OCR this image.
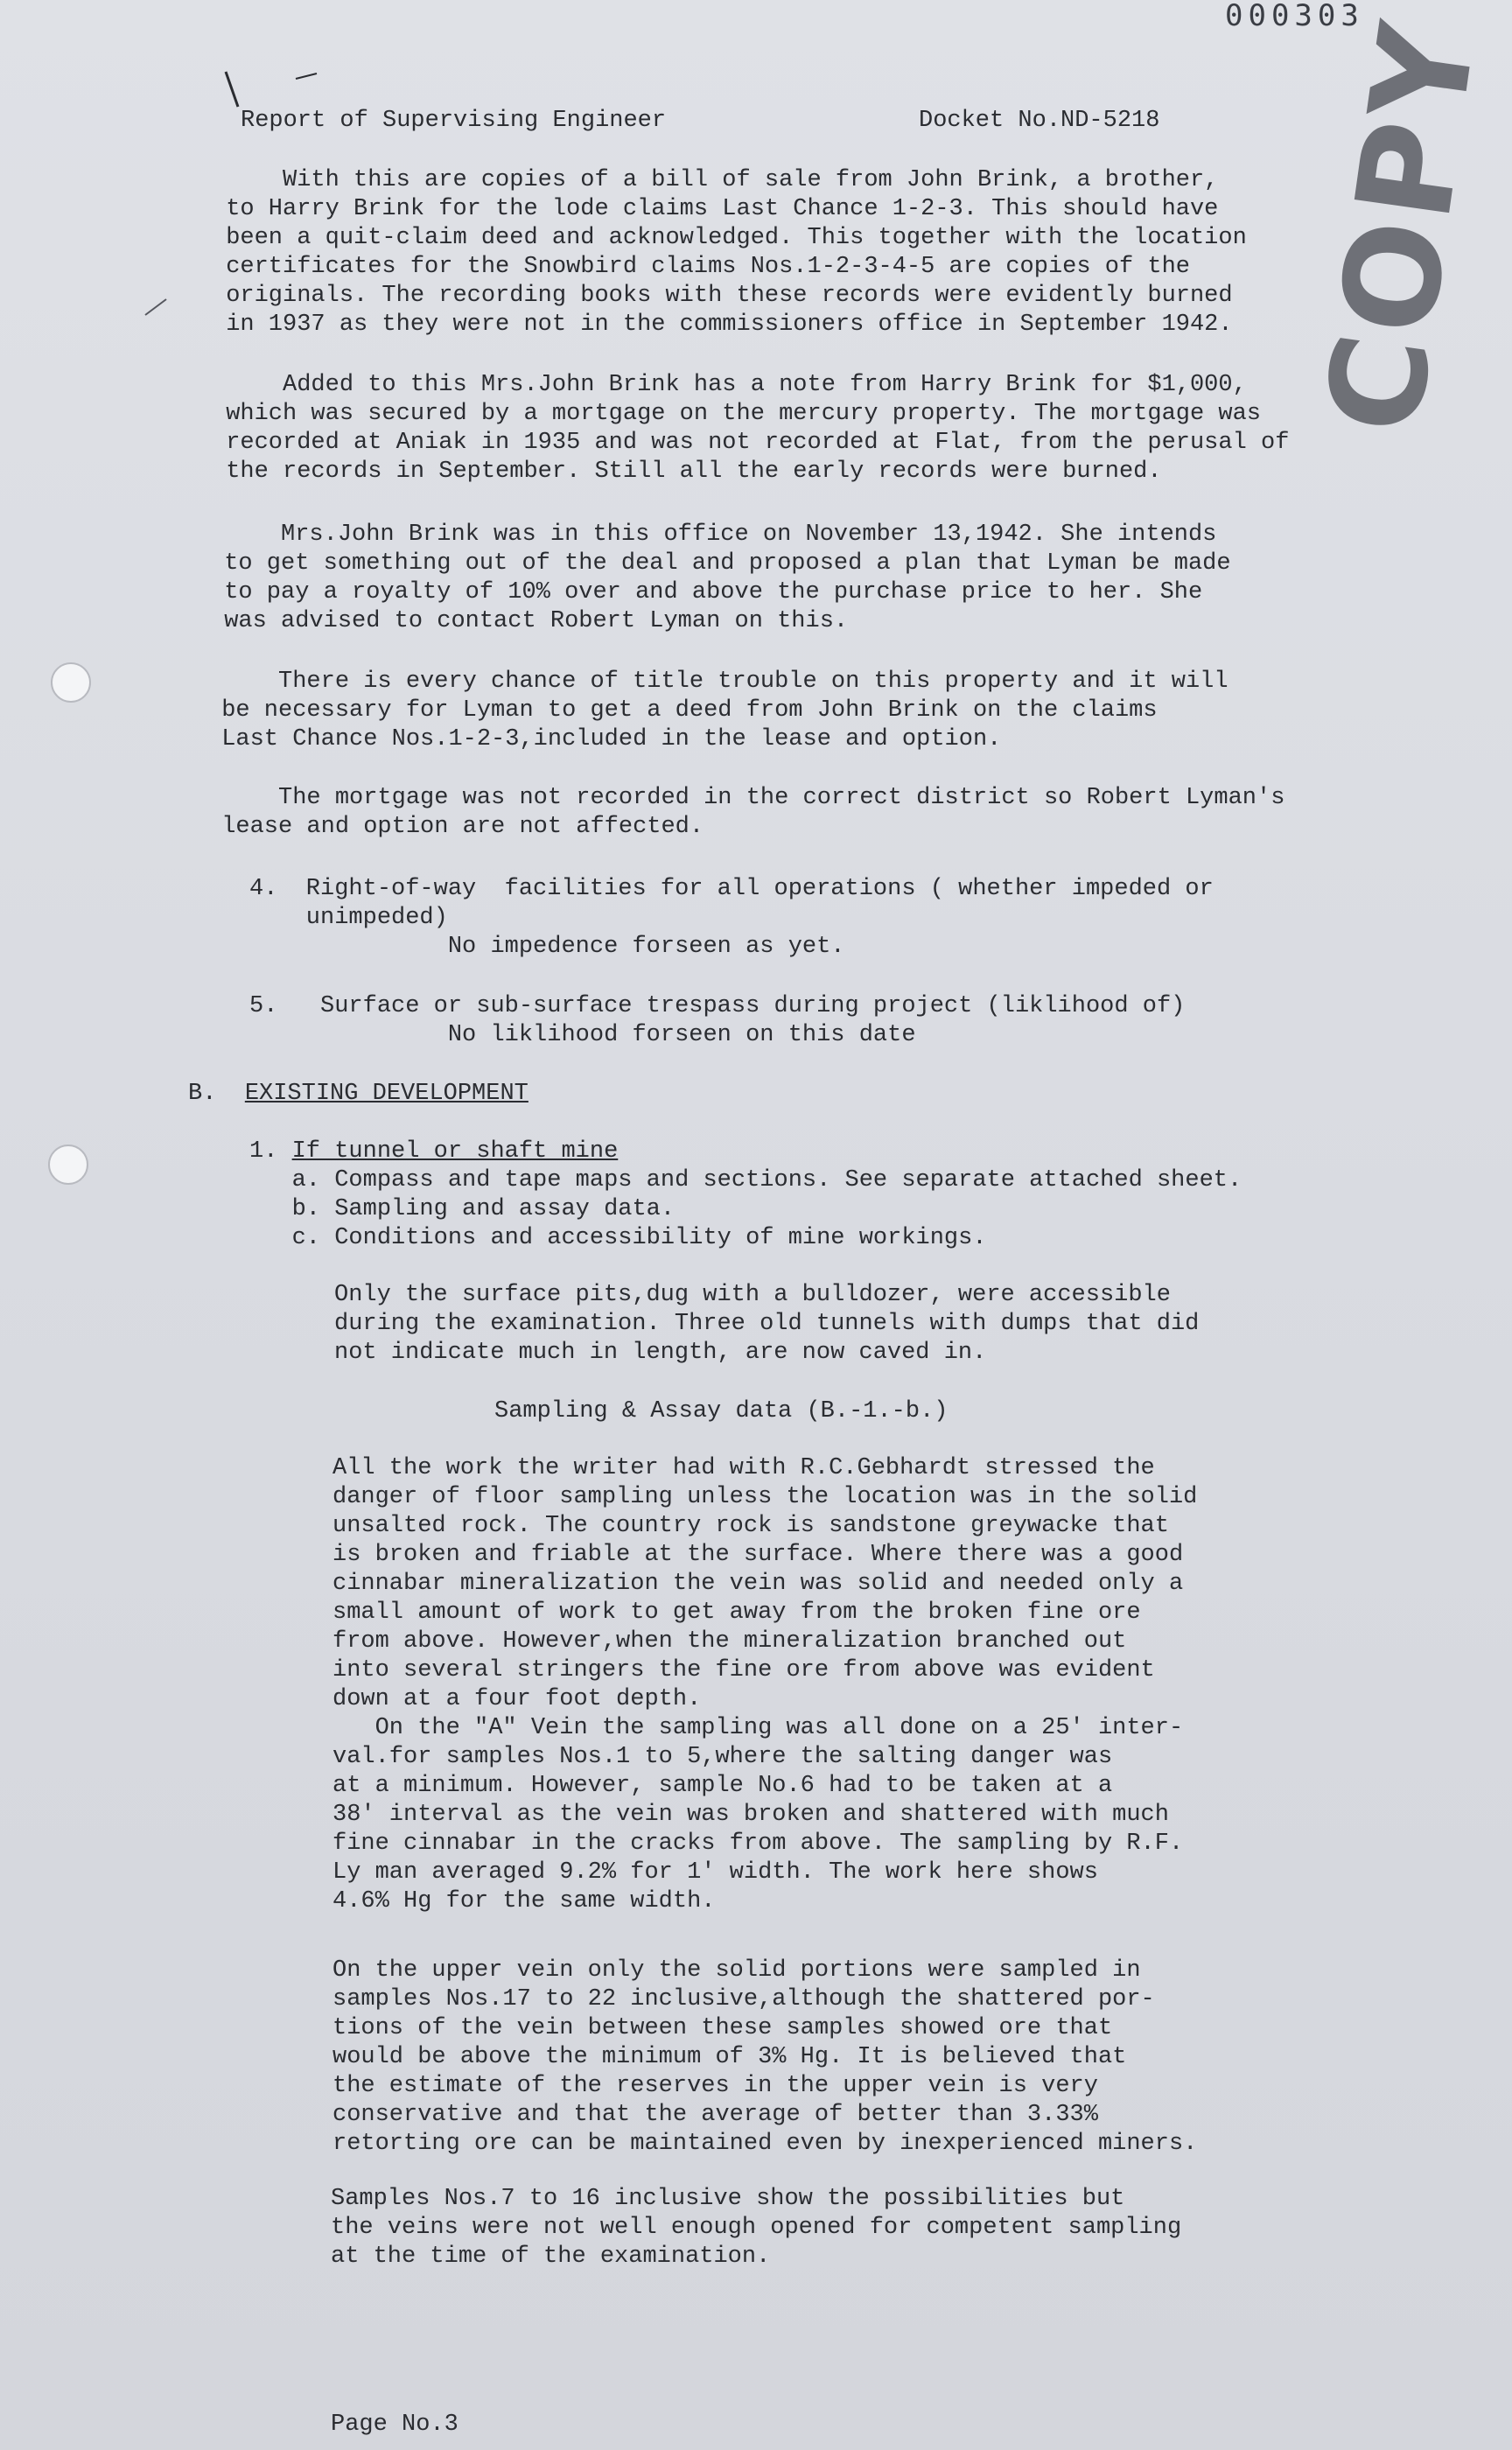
000303
COPY
Report of Supervising Engineer	Docket No.ND-5218
With this are copies of a bill of sale from John Brink, a brother,
to Harry Brink for the lode claims Last Chance 1-2-3. This should have
been a quit-claim deed and acknowledged. This together with the location
certificates for the Snowbird claims Nos.1-2-3-4-5 are copies of the
originals. The recording books with these records were evidently burned
in 1937 as they were not in the commissioners office in September 1942.
Added to this Mrs.John Brink has a note from Harry Brink for $1,000,
which was secured by a mortgage on the mercury property. The mortgage was
recorded at Aniak in 1935 and was not recorded at Flat, from the perusal of
the records in September. Still all the early records were burned.
Mrs.John Brink was in this office on November 13,1942. She intends
to get something out of the deal and proposed a plan that Lyman be made
to pay a royalty of 10% over and above the purchase price to her. She
was advised to contact Robert Lyman on this.
There is every chance of title trouble on this property and it will
be necessary for Lyman to get a deed from John Brink on the claims
Last Chance Nos.1-2-3,included in the lease and option.
The mortgage was not recorded in the correct district so Robert Lyman's
lease and option are not affected.
4.  Right-of-way  facilities for all operations ( whether impeded or
unimpeded)
No impedence forseen as yet.
5.   Surface or sub-surface trespass during project (liklihood of)
No liklihood forseen on this date
B. EXISTING DEVELOPMENT
1. If tunnel or shaft mine
a. Compass and tape maps and sections. See separate attached sheet.
b. Sampling and assay data.
c. Conditions and accessibility of mine workings.
Only the surface pits,dug with a bulldozer, were accessible
during the examination. Three old tunnels with dumps that did
not indicate much in length, are now caved in.
Sampling & Assay data (B.-1.-b.)
All the work the writer had with R.C.Gebhardt stressed the
danger of floor sampling unless the location was in the solid
unsalted rock. The country rock is sandstone greywacke that
is broken and friable at the surface. Where there was a good
cinnabar mineralization the vein was solid and needed only a
small amount of work to get away from the broken fine ore
from above. However,when the mineralization branched out
into several stringers the fine ore from above was evident
down at a four foot depth.
On the "A" Vein the sampling was all done on a 25' inter-
val.for samples Nos.1 to 5,where the salting danger was
at a minimum. However, sample No.6 had to be taken at a
38' interval as the vein was broken and shattered with much
fine cinnabar in the cracks from above. The sampling by R.F.
Ly man averaged 9.2% for 1' width. The work here shows
4.6% Hg for the same width.
On the upper vein only the solid portions were sampled in
samples Nos.17 to 22 inclusive,although the shattered por-
tions of the vein between these samples showed ore that
would be above the minimum of 3% Hg. It is believed that
the estimate of the reserves in the upper vein is very
conservative and that the average of better than 3.33%
retorting ore can be maintained even by inexperienced miners.
Samples Nos.7 to 16 inclusive show the possibilities but
the veins were not well enough opened for competent sampling
at the time of the examination.
Page No.3
